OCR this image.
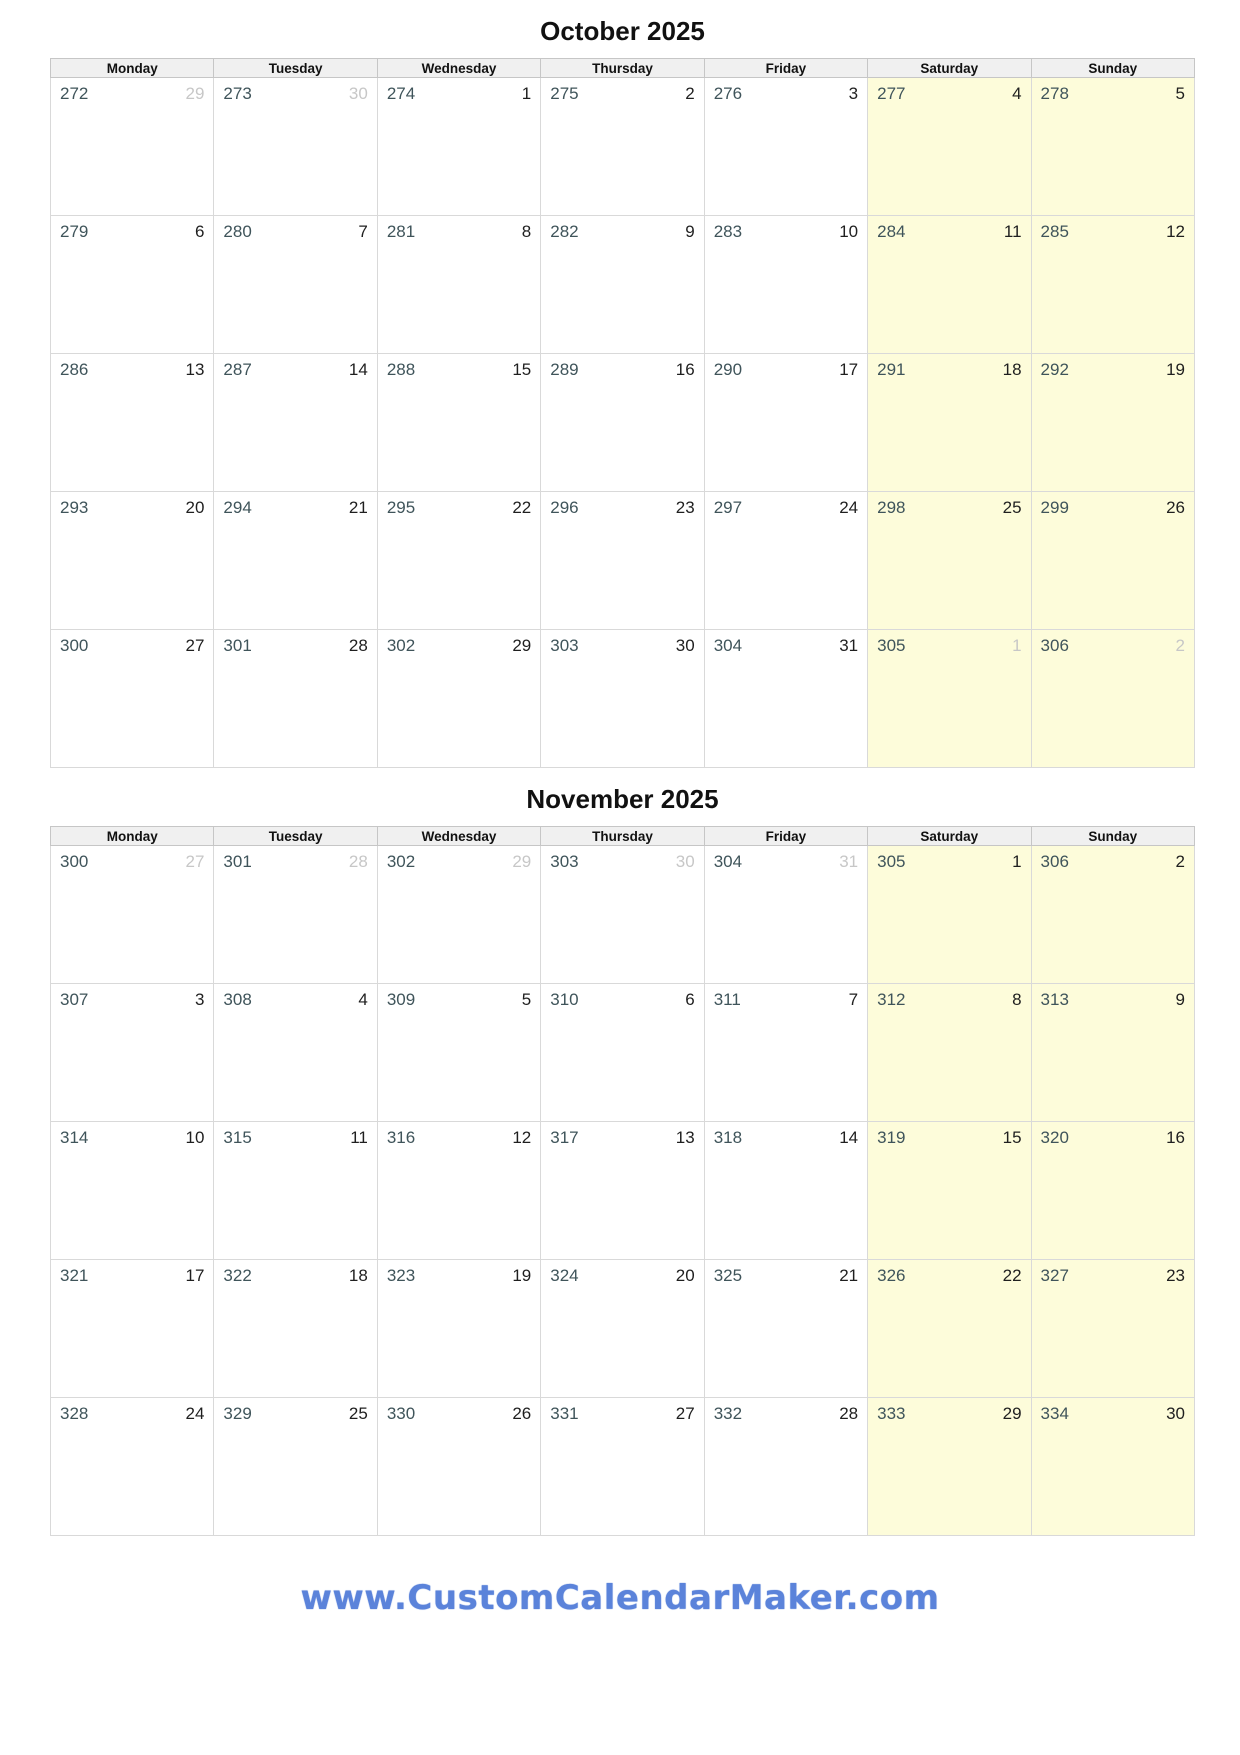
October 2025
Monday	Tuesday	Wednesday	Thursday	Friday	Saturday	Sunday

272 29	273 30	274 1	275 2	276 3	277 4	278 5

279 6	280 7	281 8	282 9	283 10	284 11	285 12

286 13	287 14	288 15	289 16	290 17	291 18	292 19

293 20	294 21	295 22	296 23	297 24	298 25	299 26

300 27	301 28	302 29	303 30	304 31	305 1	306 2
November 2025
Monday	Tuesday	Wednesday	Thursday	Friday	Saturday	Sunday

300 27	301 28	302 29	303 30	304 31	305 1	306 2

307 3	308 4	309 5	310 6	311 7	312 8	313 9

314 10	315 11	316 12	317 13	318 14	319 15	320 16

321 17	322 18	323 19	324 20	325 21	326 22	327 23

328 24	329 25	330 26	331 27	332 28	333 29	334 30
www.CustomCalendarMaker.com
